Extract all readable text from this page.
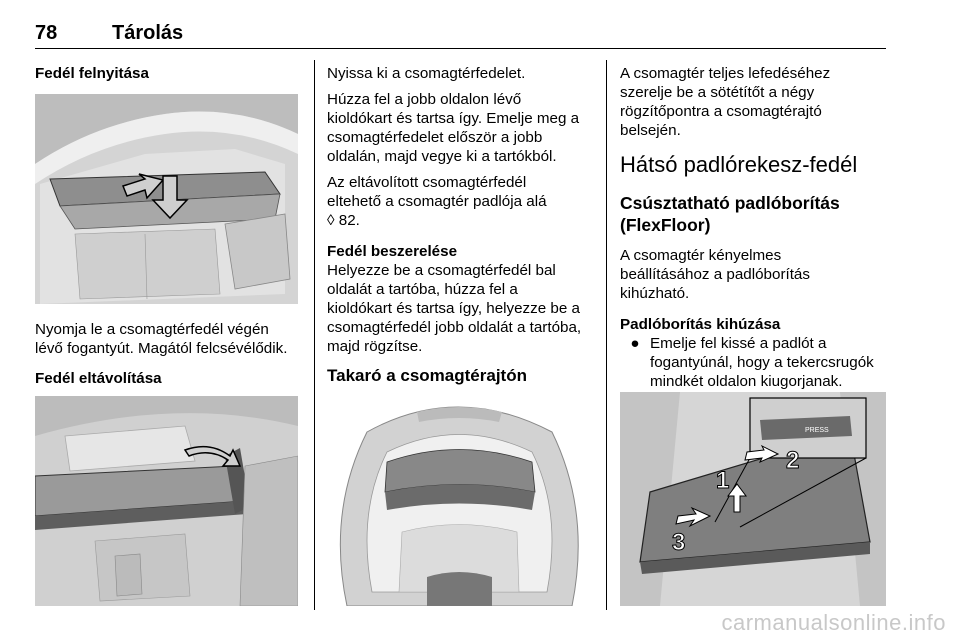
78	Tárolás
Fedél felnyitása

Nyomja le a csomagtérfedél végén
lévő fogantyút. Magától felcsévélődik.

Fedél eltávolítása

Nyissa ki a csomagtérfedelet.

Húzza fel a jobb oldalon lévő
kioldókart és tartsa így. Emelje meg a
csomagtérfedelet először a jobb
oldalán, majd vegye ki a tartókból.

Az eltávolított csomagtérfedél
eltehető a csomagtér padlója alá
◊ 82.

Fedél beszerelése

Helyezze be a csomagtérfedél bal
oldalát a tartóba, húzza fel a
kioldókart és tartsa így, helyezze be a
csomagtérfedél jobb oldalát a tartóba,
majd rögzítse.

Takaró a csomagtérajtón

A csomagtér teljes lefedéséhez
szerelje be a sötétítőt a négy
rögzítőpontra a csomagtérajtó
belsején.

Hátsó padlórekesz-fedél
Csúsztatható padlóborítás
(FlexFloor)

A csomagtér kényelmes
beállításához a padlóborítás
kihúzható.

Padlóborítás kihúzása
● Emelje fel kissé a padlót a
fogantyúnál, hogy a tekercsrugók
mindkét oldalon kiugorjanak.
PRESS
1
2
3
carmanualsonline.info
